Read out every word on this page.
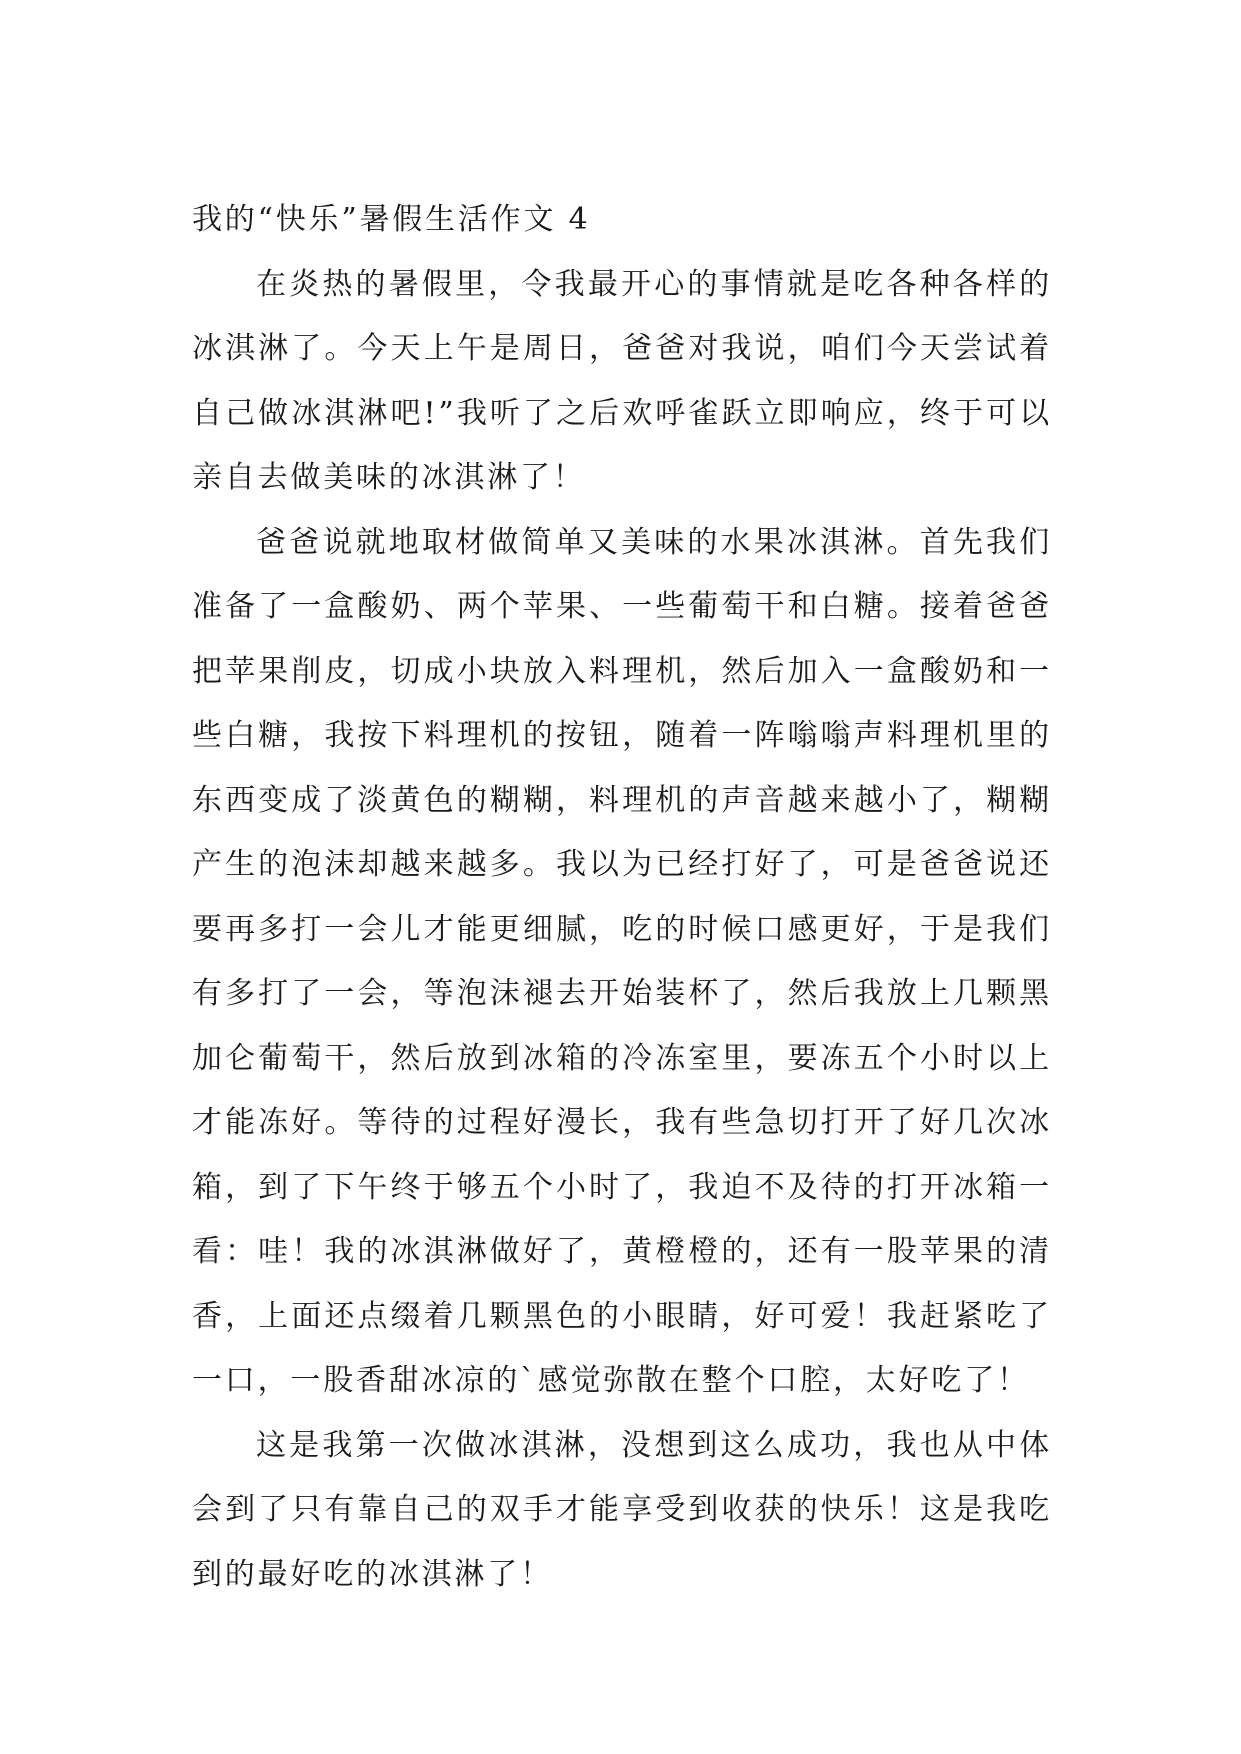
我的“快乐”暑假生活作文 4

在炎热的暑假里，令我最开心的事情就是吃各种各样的冰淇淋了。今天上午是周日，爸爸对我说，咱们今天尝试着自己做冰淇淋吧!”我听了之后欢呼雀跃立即响应，终于可以亲自去做美味的冰淇淋了！

爸爸说就地取材做简单又美味的水果冰淇淋。首先我们准备了一盒酸奶、两个苹果、一些葡萄干和白糖。接着爸爸把苹果削皮，切成小块放入料理机，然后加入一盒酸奶和一些白糖，我按下料理机的按钮，随着一阵嗡嗡声料理机里的东西变成了淡黄色的糊糊，料理机的声音越来越小了，糊糊产生的泡沫却越来越多。我以为已经打好了，可是爸爸说还要再多打一会儿才能更细腻，吃的时候口感更好，于是我们有多打了一会，等泡沫褪去开始装杯了，然后我放上几颗黑加仑葡萄干，然后放到冰箱的冷冻室里，要冻五个小时以上才能冻好。等待的过程好漫长，我有些急切打开了好几次冰箱，到了下午终于够五个小时了，我迫不及待的打开冰箱一看：哇！我的冰淇淋做好了，黄橙橙的，还有一股苹果的清香，上面还点缀着几颗黑色的小眼睛，好可爱！我赶紧吃了一口，一股香甜冰凉的`感觉弥散在整个口腔，太好吃了！

这是我第一次做冰淇淋，没想到这么成功，我也从中体会到了只有靠自己的双手才能享受到收获的快乐！这是我吃到的最好吃的冰淇淋了！
